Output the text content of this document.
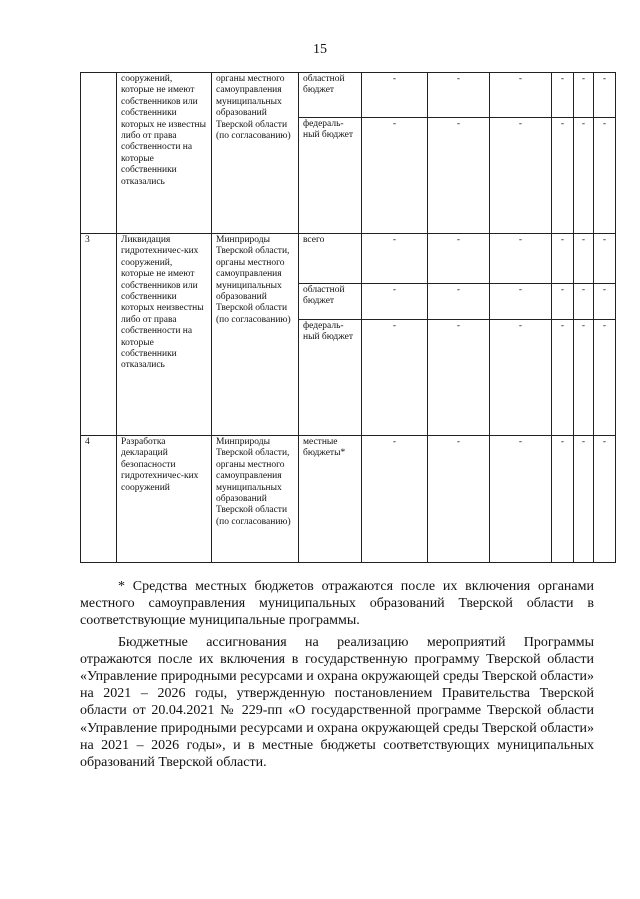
15
	сооружений, которые не имеют собственников или собственники которых не известны либо от права собственности на которые собственники отказались	органы местного самоуправления муниципальных образований Тверской области (по согласованию)	областной бюджет	-	-	-	-	-	-
			федераль-ный бюджет	-	-	-	-	-	-
3	Ликвидация гидротехничес-ких сооружений, которые не имеют собственников или собственники которых неизвестны либо от права собственности на которые собственники отказались	Минприроды Тверской области, органы местного самоуправления муниципальных образований Тверской области (по согласованию)	всего	-	-	-	-	-	-
			областной бюджет	-	-	-	-	-	-
			федераль-ный бюджет	-	-	-	-	-	-
4	Разработка деклараций безопасности гидротехничес-ких сооружений	Минприроды Тверской области, органы местного самоуправления муниципальных образований Тверской области (по согласованию)	местные бюджеты*	-	-	-	-	-	-

* Средства местных бюджетов отражаются после их включения органами местного самоуправления муниципальных образований Тверской области в соответствующие муниципальные программы.

Бюджетные ассигнования на реализацию мероприятий Программы отражаются после их включения в государственную программу Тверской области «Управление природными ресурсами и охрана окружающей среды Тверской области» на 2021 – 2026 годы, утвержденную постановлением Правительства Тверской области от 20.04.2021 № 229-пп «О государственной программе Тверской области «Управление природными ресурсами и охрана окружающей среды Тверской области» на 2021 – 2026 годы», и в местные бюджеты соответствующих муниципальных образований Тверской области.
